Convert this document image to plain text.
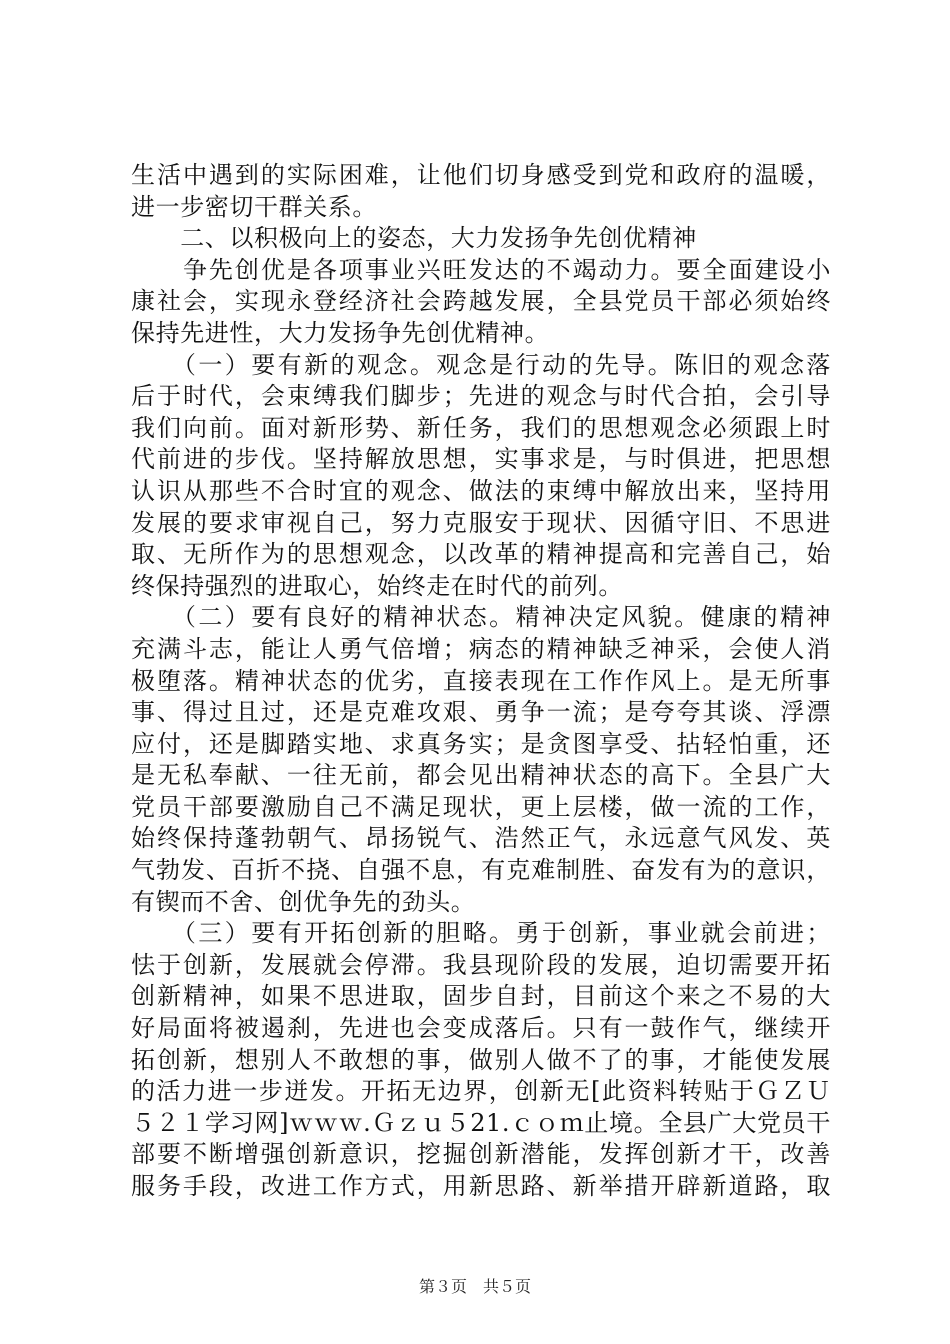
生活中遇到的实际困难，让他们切身感受到党和政府的温暖，
进一步密切干群关系。
　　二、以积极向上的姿态，大力发扬争先创优精神
　　争先创优是各项事业兴旺发达的不竭动力。要全面建设小
康社会，实现永登经济社会跨越发展，全县党员干部必须始终
保持先进性，大力发扬争先创优精神。
　　（一）要有新的观念。观念是行动的先导。陈旧的观念落
后于时代，会束缚我们脚步；先进的观念与时代合拍，会引导
我们向前。面对新形势、新任务，我们的思想观念必须跟上时
代前进的步伐。坚持解放思想，实事求是，与时俱进，把思想
认识从那些不合时宜的观念、做法的束缚中解放出来，坚持用
发展的要求审视自己，努力克服安于现状、因循守旧、不思进
取、无所作为的思想观念，以改革的精神提高和完善自己，始
终保持强烈的进取心，始终走在时代的前列。
　　（二）要有良好的精神状态。精神决定风貌。健康的精神
充满斗志，能让人勇气倍增；病态的精神缺乏神采，会使人消
极堕落。精神状态的优劣，直接表现在工作作风上。是无所事
事、得过且过，还是克难攻艰、勇争一流；是夸夸其谈、浮漂
应付，还是脚踏实地、求真务实；是贪图享受、拈轻怕重，还
是无私奉献、一往无前，都会见出精神状态的高下。全县广大
党员干部要激励自己不满足现状，更上层楼，做一流的工作，
始终保持蓬勃朝气、昂扬锐气、浩然正气，永远意气风发、英
气勃发、百折不挠、自强不息，有克难制胜、奋发有为的意识，
有锲而不舍、创优争先的劲头。
　　（三）要有开拓创新的胆略。勇于创新，事业就会前进；
怯于创新，发展就会停滞。我县现阶段的发展，迫切需要开拓
创新精神，如果不思进取，固步自封，目前这个来之不易的大
好局面将被遏刹，先进也会变成落后。只有一鼓作气，继续开
拓创新，想别人不敢想的事，做别人做不了的事，才能使发展
的活力进一步迸发。开拓无边界，创新无[此资料转贴于ＧＺＵ
５２１学习网]ｗｗｗ.Ｇｚｕ５21.ｃｏｍ止境。全县广大党员干
部要不断增强创新意识，挖掘创新潜能，发挥创新才干，改善
服务手段，改进工作方式，用新思路、新举措开辟新道路，取
第３页　共５页
